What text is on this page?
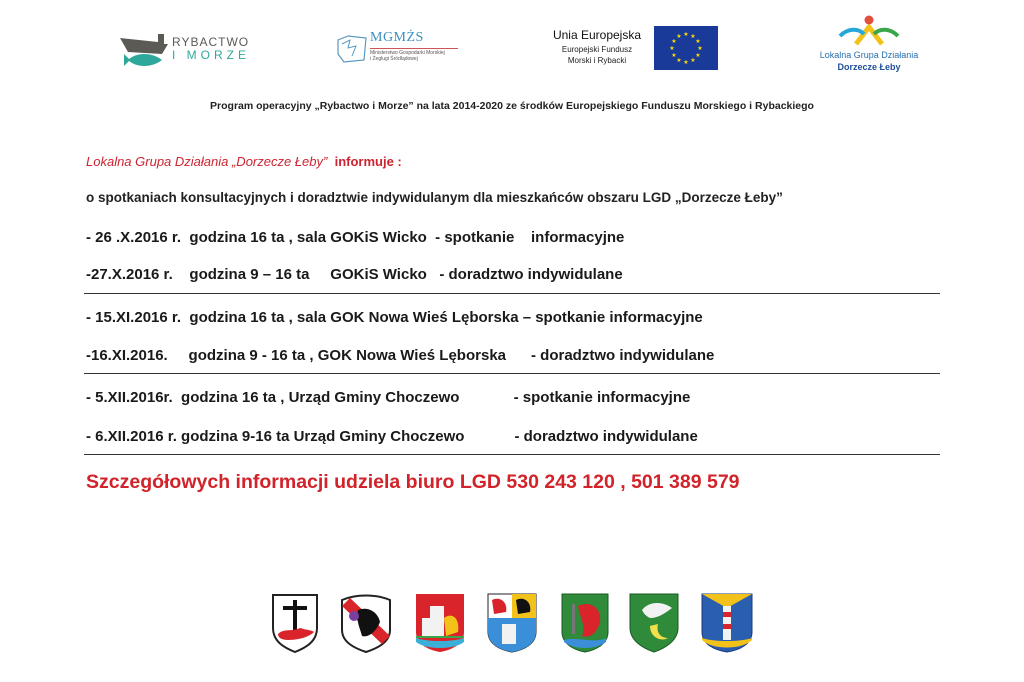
RYBACTWO
I MORZE
MGMŻS
Ministerstwo Gospodarki Morskiej
i Żeglugi Śródlądowej
Unia Europejska
Europejski Fundusz
Morski i Rybacki
★ ★
★
★
★
★
★
★
★
★
★
★
Lokalna Grupa Działania
Dorzecze Łeby
Program operacyjny „Rybactwo i Morze” na lata 2014-2020 ze środków Europejskiego Funduszu Morskiego i Rybackiego
Lokalna Grupa Działania „Dorzecze Łeby”  informuje :
o spotkaniach konsultacyjnych i doradztwie indywidulanym dla mieszkańców obszaru LGD „Dorzecze Łeby”
- 26 .X.2016 r.  godzina 16 ta , sala GOKiS Wicko  - spotkanie    informacyjne
-27.X.2016 r.    godzina 9 – 16 ta     GOKiS Wicko   - doradztwo indywidulane
- 15.XI.2016 r.  godzina 16 ta , sala GOK Nowa Wieś Lęborska – spotkanie informacyjne
-16.XI.2016.     godzina 9 - 16 ta , GOK Nowa Wieś Lęborska      - doradztwo indywidulane
- 5.XII.2016r.  godzina 16 ta , Urząd Gminy Choczewo             - spotkanie informacyjne
- 6.XII.2016 r. godzina 9-16 ta Urząd Gminy Choczewo            - doradztwo indywidulane
Szczegółowych informacji udziela biuro LGD 530 243 120 , 501 389 579
